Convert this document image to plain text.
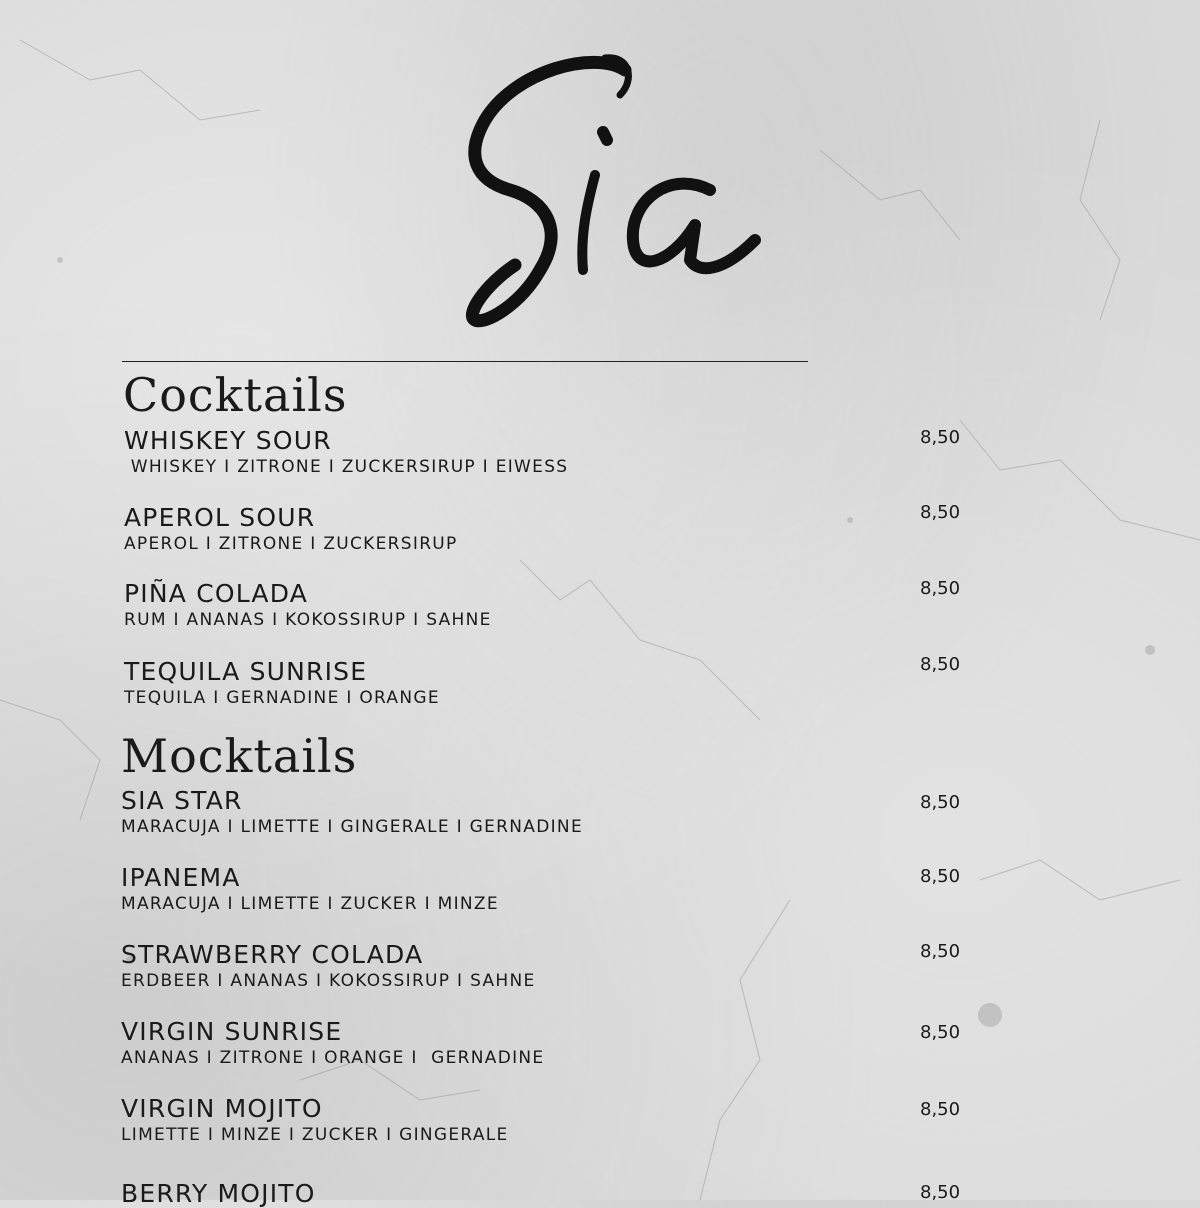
Cocktails
WHISKEY SOUR
WHISKEY I ZITRONE I ZUCKERSIRUP I EIWESS
8,50
APEROL SOUR
APEROL I ZITRONE I ZUCKERSIRUP
8,50
PIÑA COLADA
RUM I ANANAS I KOKOSSIRUP I SAHNE
8,50
TEQUILA SUNRISE
TEQUILA I GERNADINE I ORANGE
8,50
Mocktails
SIA STAR
MARACUJA I LIMETTE I GINGERALE I GERNADINE
8,50
IPANEMA
MARACUJA I LIMETTE I ZUCKER I MINZE
8,50
STRAWBERRY COLADA
ERDBEER I ANANAS I KOKOSSIRUP I SAHNE
8,50
VIRGIN SUNRISE
ANANAS I ZITRONE I ORANGE I  GERNADINE
8,50
VIRGIN MOJITO
LIMETTE I MINZE I ZUCKER I GINGERALE
8,50
BERRY MOJITO	8,50
